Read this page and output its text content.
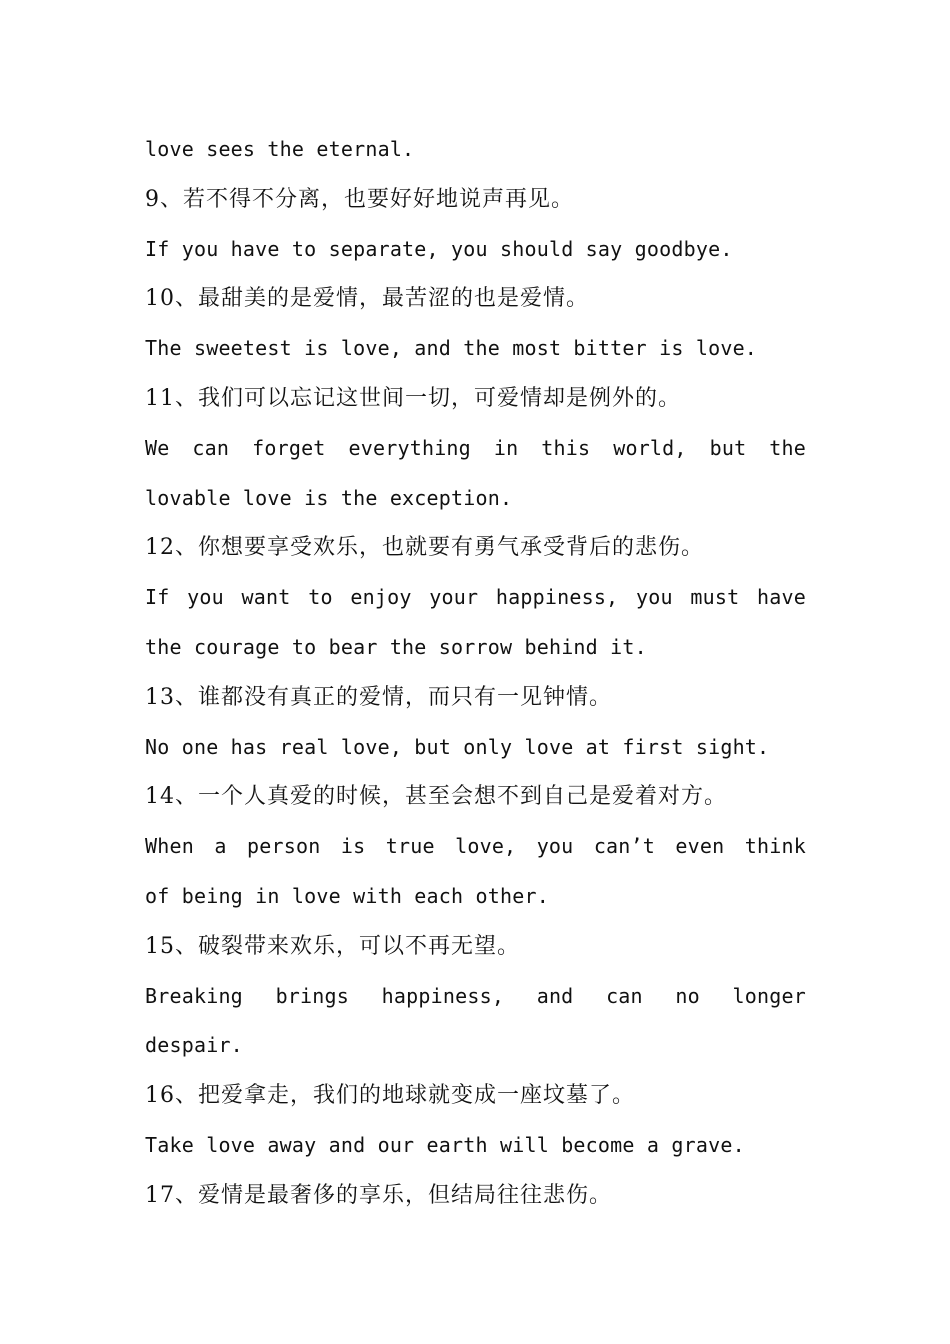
love sees the eternal.
9、若不得不分离，也要好好地说声再见。
If you have to separate, you should say goodbye.
10、最甜美的是爱情，最苦涩的也是爱情。
The sweetest is love, and the most bitter is love.
11、我们可以忘记这世间一切，可爱情却是例外的。
We can forget everything in this world, but the
lovable love is the exception.
12、你想要享受欢乐，也就要有勇气承受背后的悲伤。
If you want to enjoy your happiness, you must have
the courage to bear the sorrow behind it.
13、谁都没有真正的爱情，而只有一见钟情。
No one has real love, but only love at first sight.
14、一个人真爱的时候，甚至会想不到自己是爱着对方。
When a person is true love, you can’t even think
of being in love with each other.
15、破裂带来欢乐，可以不再无望。
Breaking brings happiness, and can no longer
despair.
16、把爱拿走，我们的地球就变成一座坟墓了。
Take love away and our earth will become a grave.
17、爱情是最奢侈的享乐，但结局往往悲伤。
